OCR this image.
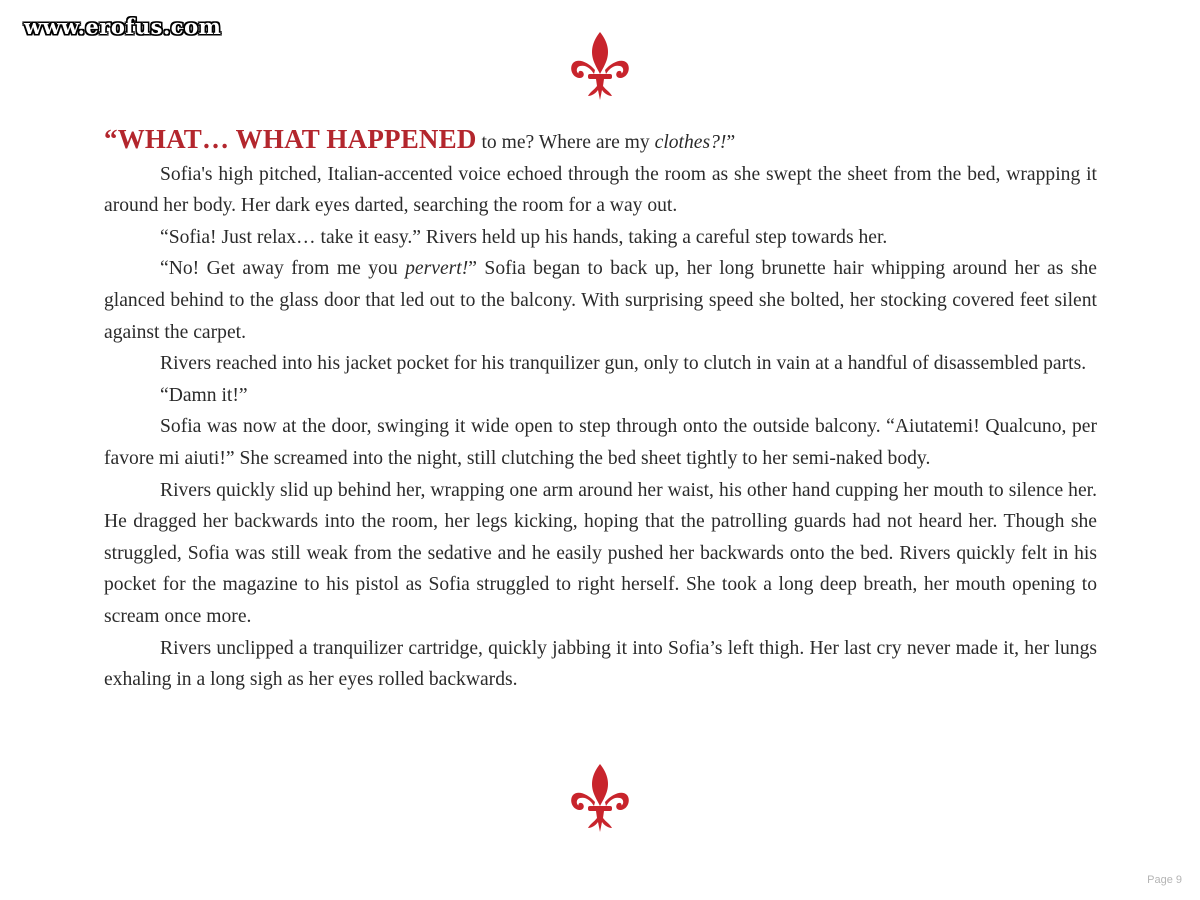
www.erofus.com

“WHAT… WHAT HAPPENED to me? Where are my clothes?!”

Sofia's high pitched, Italian-accented voice echoed through the room as she swept the sheet from the bed, wrapping it around her body. Her dark eyes darted, searching the room for a way out.

“Sofia! Just relax… take it easy.” Rivers held up his hands, taking a careful step towards her.

“No! Get away from me you pervert!” Sofia began to back up, her long brunette hair whipping around her as she glanced behind to the glass door that led out to the balcony. With surprising speed she bolted, her stocking covered feet silent against the carpet.

Rivers reached into his jacket pocket for his tranquilizer gun, only to clutch in vain at a handful of disassembled parts.

“Damn it!”

Sofia was now at the door, swinging it wide open to step through onto the outside balcony. “Aiutatemi! Qualcuno, per favore mi aiuti!” She screamed into the night, still clutching the bed sheet tightly to her semi-naked body.

Rivers quickly slid up behind her, wrapping one arm around her waist, his other hand cupping her mouth to silence her. He dragged her backwards into the room, her legs kicking, hoping that the patrolling guards had not heard her. Though she struggled, Sofia was still weak from the sedative and he easily pushed her backwards onto the bed. Rivers quickly felt in his pocket for the magazine to his pistol as Sofia struggled to right herself. She took a long deep breath, her mouth opening to scream once more.

Rivers unclipped a tranquilizer cartridge, quickly jabbing it into Sofia’s left thigh. Her last cry never made it, her lungs exhaling in a long sigh as her eyes rolled backwards.

Page 9
